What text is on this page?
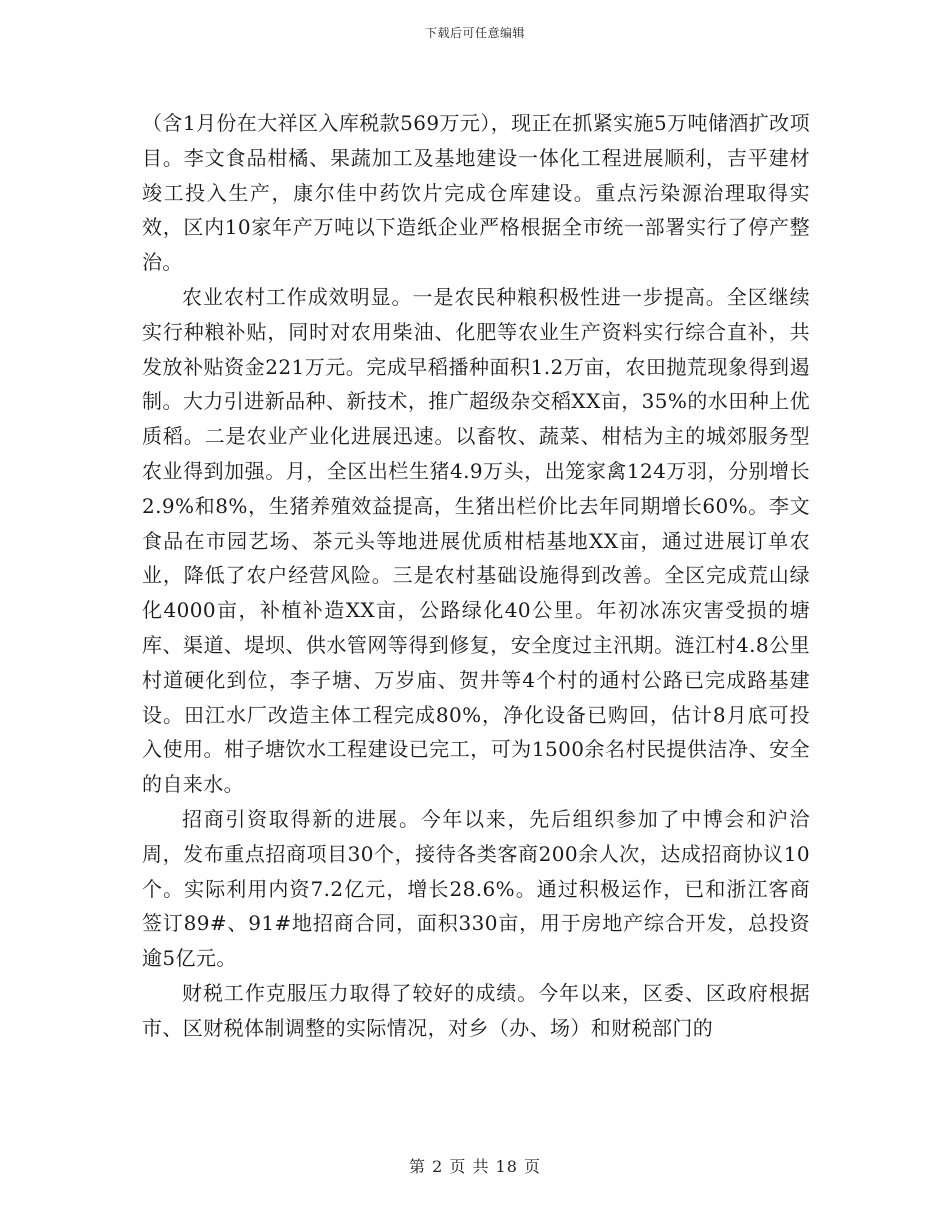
下载后可任意编辑

（含1月份在大祥区入库税款569万元），现正在抓紧实施5万吨储酒扩改项目。李文食品柑橘、果蔬加工及基地建设一体化工程进展顺利，吉平建材竣工投入生产，康尔佳中药饮片完成仓库建设。重点污染源治理取得实效，区内10家年产万吨以下造纸企业严格根据全市统一部署实行了停产整治。

农业农村工作成效明显。一是农民种粮积极性进一步提高。全区继续实行种粮补贴，同时对农用柴油、化肥等农业生产资料实行综合直补，共发放补贴资金221万元。完成早稻播种面积1.2万亩，农田抛荒现象得到遏制。大力引进新品种、新技术，推广超级杂交稻XX亩，35%的水田种上优质稻。二是农业产业化进展迅速。以畜牧、蔬菜、柑桔为主的城郊服务型农业得到加强。月，全区出栏生猪4.9万头，出笼家禽124万羽，分别增长2.9%和8%，生猪养殖效益提高，生猪出栏价比去年同期增长60%。李文食品在市园艺场、茶元头等地进展优质柑桔基地XX亩，通过进展订单农业，降低了农户经营风险。三是农村基础设施得到改善。全区完成荒山绿化4000亩，补植补造XX亩，公路绿化40公里。年初冰冻灾害受损的塘库、渠道、堤坝、供水管网等得到修复，安全度过主汛期。涟江村4.8公里村道硬化到位，李子塘、万岁庙、贺井等4个村的通村公路已完成路基建设。田江水厂改造主体工程完成80%，净化设备已购回，估计8月底可投入使用。柑子塘饮水工程建设已完工，可为1500余名村民提供洁净、安全的自来水。

招商引资取得新的进展。今年以来，先后组织参加了中博会和沪洽周，发布重点招商项目30个，接待各类客商200余人次，达成招商协议10个。实际利用内资7.2亿元，增长28.6%。通过积极运作，已和浙江客商签订89#、91#地招商合同，面积330亩，用于房地产综合开发，总投资逾5亿元。

财税工作克服压力取得了较好的成绩。今年以来，区委、区政府根据市、区财税体制调整的实际情况，对乡（办、场）和财税部门的

第 2 页 共 18 页
